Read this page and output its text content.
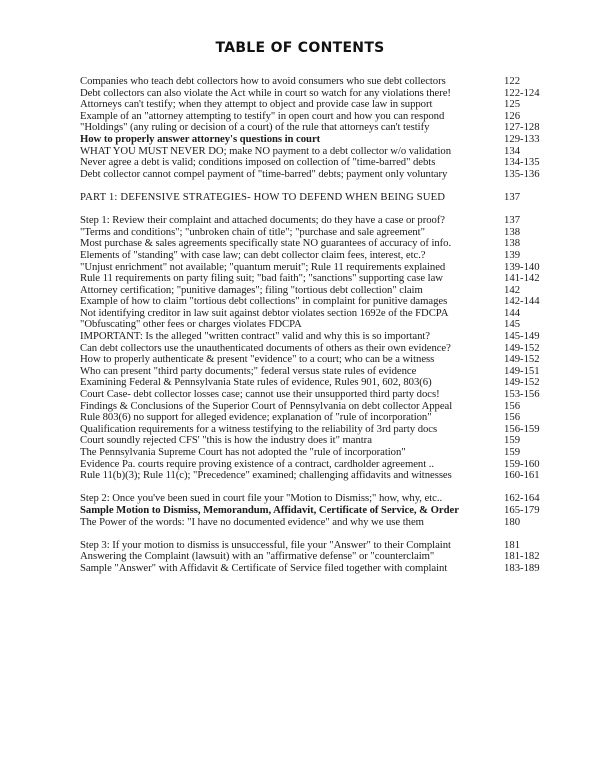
TABLE OF CONTENTS
Companies who teach debt collectors how to avoid consumers who sue debt collectors	122
Debt collectors can also violate the Act while in court so watch for any violations there!	122-124
Attorneys can't testify; when they attempt to object and provide case law in support	125
Example of an "attorney attempting to testify" in open court and how you can respond	126
"Holdings" (any ruling or decision of a court) of the rule that attorneys can't testify	127-128
How to properly answer attorney's questions in court	129-133
WHAT YOU MUST NEVER DO; make NO payment to a debt collector w/o validation	134
Never agree a debt is valid; conditions imposed on collection of "time-barred" debts	134-135
Debt collector cannot compel payment of "time-barred" debts; payment only voluntary	135-136
PART 1: DEFENSIVE STRATEGIES- HOW TO DEFEND WHEN BEING SUED	137
Step 1: Review their complaint and attached documents; do they have a case or proof?	137
"Terms and conditions"; "unbroken chain of title"; "purchase and sale agreement"	138
Most purchase & sales agreements specifically state NO guarantees of accuracy of info.	138
Elements of "standing" with case law; can debt collector claim fees, interest, etc.?	139
"Unjust enrichment" not available; "quantum meruit"; Rule 11 requirements explained	139-140
Rule 11 requirements on party filing suit; "bad faith"; "sanctions" supporting case law	141-142
Attorney certification; "punitive damages"; filing "tortious debt collection" claim	142
Example of how to claim "tortious debt collections" in complaint for punitive damages	142-144
Not identifying creditor in law suit against debtor violates section 1692e of the FDCPA	144
"Obfuscating" other fees or charges violates FDCPA	145
IMPORTANT: Is the alleged "written contract" valid and why this is so important?	145-149
Can debt collectors use the unauthenticated documents of others as their own evidence?	149-152
How to properly authenticate & present "evidence" to a court; who can be a witness	149-152
Who can present "third party documents;" federal versus state rules of evidence	149-151
Examining Federal & Pennsylvania State rules of evidence, Rules 901, 602, 803(6)	149-152
Court Case- debt collector losses case; cannot use their unsupported third party docs!	153-156
Findings & Conclusions of the Superior Court of Pennsylvania on debt collector Appeal	156
Rule 803(6) no support for alleged evidence; explanation of "rule of incorporation"	156
Qualification requirements for a witness testifying to the reliability of 3rd party docs	156-159
Court soundly rejected CFS' "this is how the industry does it" mantra	159
The Pennsylvania Supreme Court has not adopted the "rule of incorporation"	159
Evidence Pa. courts require proving existence of a contract, cardholder agreement ..	159-160
Rule 11(b)(3); Rule 11(c); "Precedence" examined; challenging affidavits and witnesses	160-161
Step 2: Once you've been sued in court file your "Motion to Dismiss;" how, why, etc..	162-164
Sample Motion to Dismiss, Memorandum, Affidavit, Certificate of Service, & Order	165-179
The Power of the words: "I have no documented evidence" and why we use them	180
Step 3: If your motion to dismiss is unsuccessful, file your "Answer" to their Complaint	181
Answering the Complaint (lawsuit) with an "affirmative defense" or "counterclaim"	181-182
Sample "Answer" with Affidavit & Certificate of Service filed together with complaint	183-189
